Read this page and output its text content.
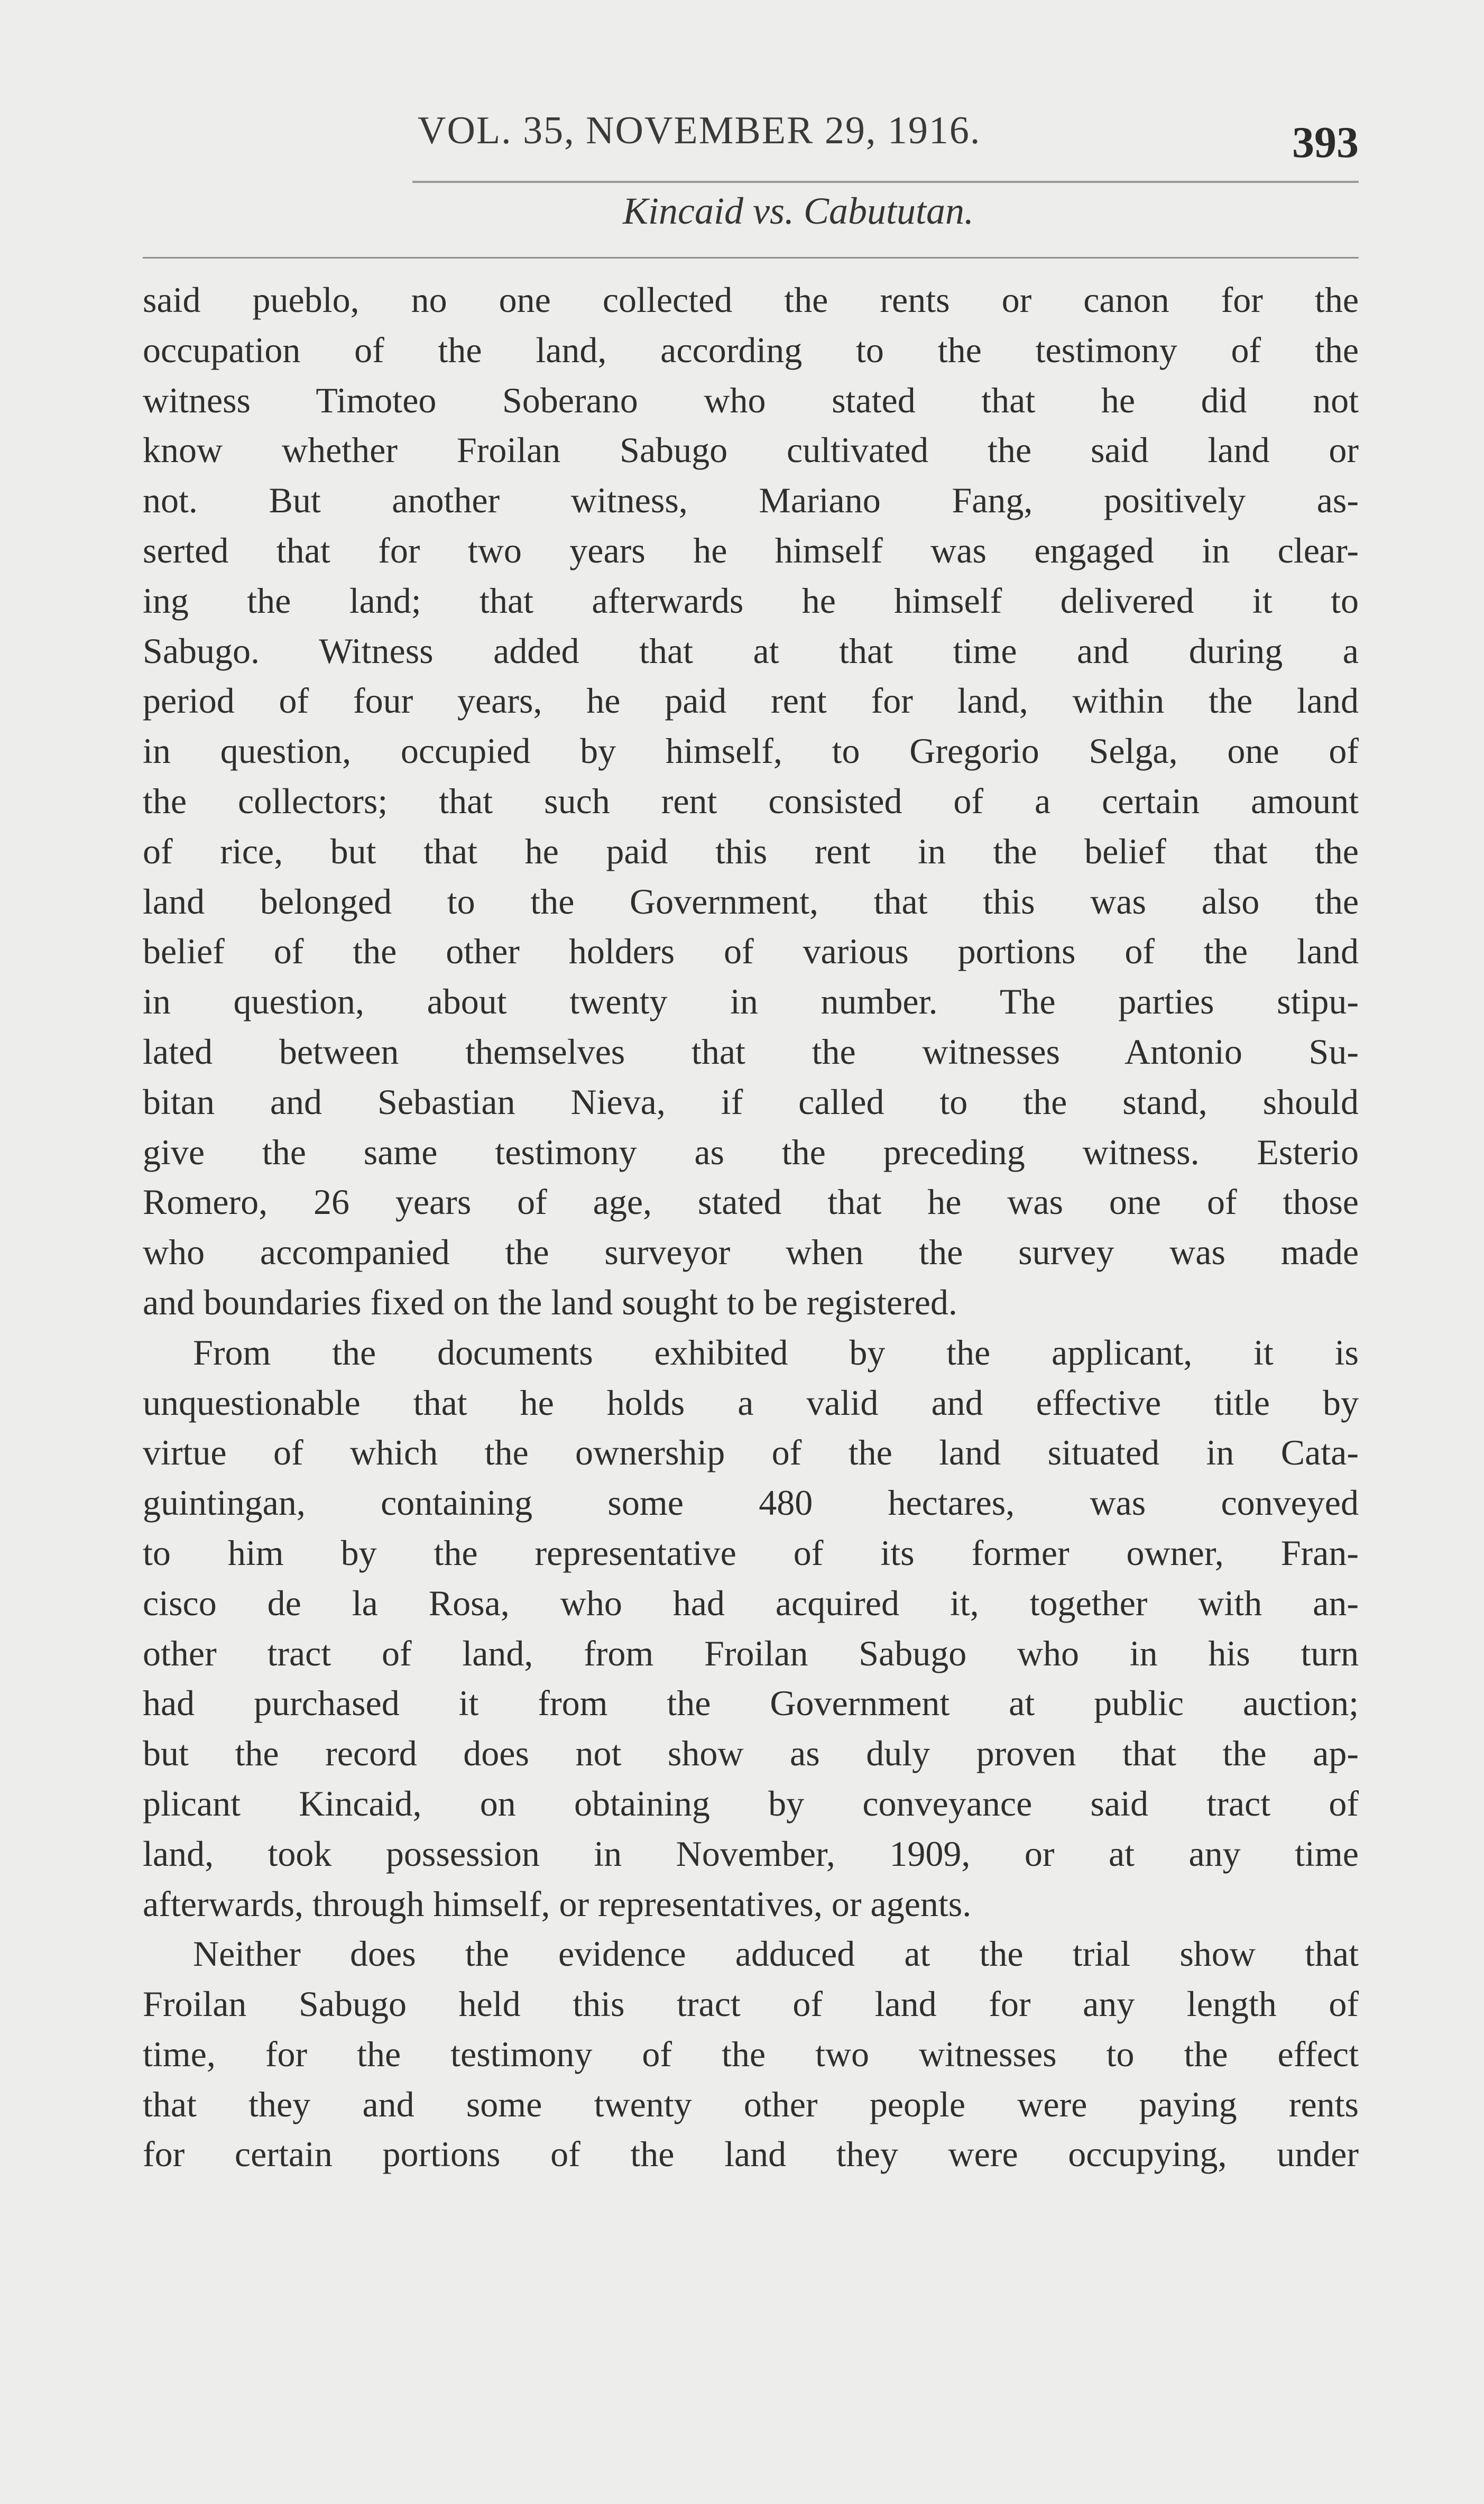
VOL. 35, NOVEMBER 29, 1916.	393
Kincaid vs. Cabututan.
said pueblo, no one collected the rents or canon for the
occupation of the land, according to the testimony of the
witness Timoteo Soberano who stated that he did not
know whether Froilan Sabugo cultivated the said land or
not. But another witness, Mariano Fang, positively as-
serted that for two years he himself was engaged in clear-
ing the land; that afterwards he himself delivered it to
Sabugo. Witness added that at that time and during a
period of four years, he paid rent for land, within the land
in question, occupied by himself, to Gregorio Selga, one of
the collectors; that such rent consisted of a certain amount
of rice, but that he paid this rent in the belief that the
land belonged to the Government, that this was also the
belief of the other holders of various portions of the land
in question, about twenty in number. The parties stipu-
lated between themselves that the witnesses Antonio Su-
bitan and Sebastian Nieva, if called to the stand, should
give the same testimony as the preceding witness. Esterio
Romero, 26 years of age, stated that he was one of those
who accompanied the surveyor when the survey was made
and boundaries fixed on the land sought to be registered.
From the documents exhibited by the applicant, it is
unquestionable that he holds a valid and effective title by
virtue of which the ownership of the land situated in Cata-
guintingan, containing some 480 hectares, was conveyed
to him by the representative of its former owner, Fran-
cisco de la Rosa, who had acquired it, together with an-
other tract of land, from Froilan Sabugo who in his turn
had purchased it from the Government at public auction;
but the record does not show as duly proven that the ap-
plicant Kincaid, on obtaining by conveyance said tract of
land, took possession in November, 1909, or at any time
afterwards, through himself, or representatives, or agents.
Neither does the evidence adduced at the trial show that
Froilan Sabugo held this tract of land for any length of
time, for the testimony of the two witnesses to the effect
that they and some twenty other people were paying rents
for certain portions of the land they were occupying, under
